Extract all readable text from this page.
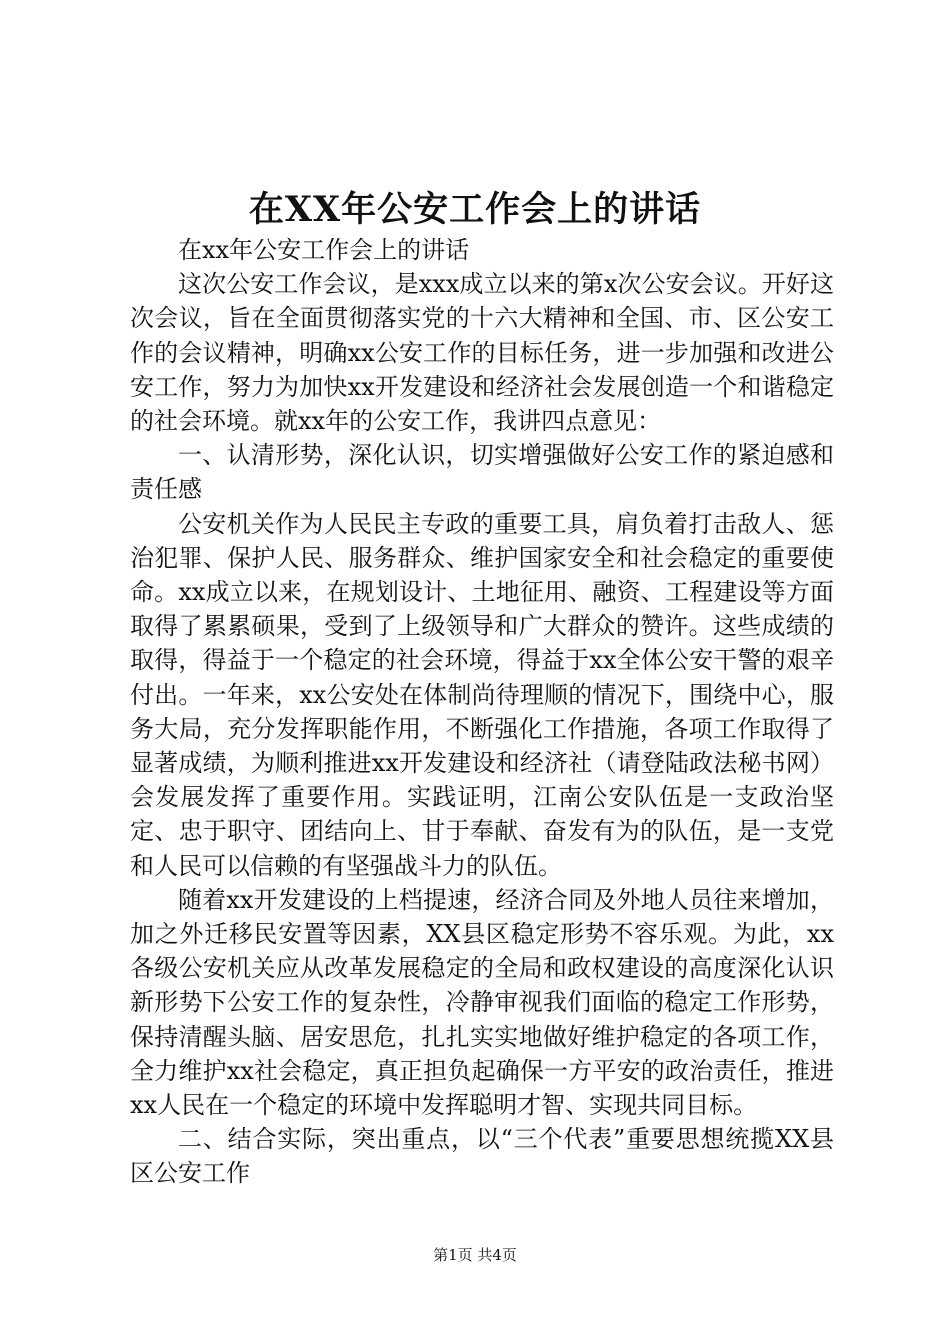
在XX年公安工作会上的讲话

在xx年公安工作会上的讲话

这次公安工作会议，是xxx成立以来的第x次公安会议。开好这次会议，旨在全面贯彻落实党的十六大精神和全国、市、区公安工作的会议精神，明确xx公安工作的目标任务，进一步加强和改进公安工作，努力为加快xx开发建设和经济社会发展创造一个和谐稳定的社会环境。就xx年的公安工作，我讲四点意见：

一、认清形势，深化认识，切实增强做好公安工作的紧迫感和责任感

公安机关作为人民民主专政的重要工具，肩负着打击敌人、惩治犯罪、保护人民、服务群众、维护国家安全和社会稳定的重要使命。xx成立以来，在规划设计、土地征用、融资、工程建设等方面取得了累累硕果，受到了上级领导和广大群众的赞许。这些成绩的取得，得益于一个稳定的社会环境，得益于xx全体公安干警的艰辛付出。一年来，xx公安处在体制尚待理顺的情况下，围绕中心，服务大局，充分发挥职能作用，不断强化工作措施，各项工作取得了显著成绩，为顺利推进xx开发建设和经济社（请登陆政法秘书网）会发展发挥了重要作用。实践证明，江南公安队伍是一支政治坚定、忠于职守、团结向上、甘于奉献、奋发有为的队伍，是一支党和人民可以信赖的有坚强战斗力的队伍。

随着xx开发建设的上档提速，经济合同及外地人员往来增加，加之外迁移民安置等因素，XX县区稳定形势不容乐观。为此，xx各级公安机关应从改革发展稳定的全局和政权建设的高度深化认识新形势下公安工作的复杂性，冷静审视我们面临的稳定工作形势，保持清醒头脑、居安思危，扎扎实实地做好维护稳定的各项工作，全力维护xx社会稳定，真正担负起确保一方平安的政治责任，推进xx人民在一个稳定的环境中发挥聪明才智、实现共同目标。

二、结合实际，突出重点，以“三个代表”重要思想统揽XX县区公安工作

第1页 共4页
